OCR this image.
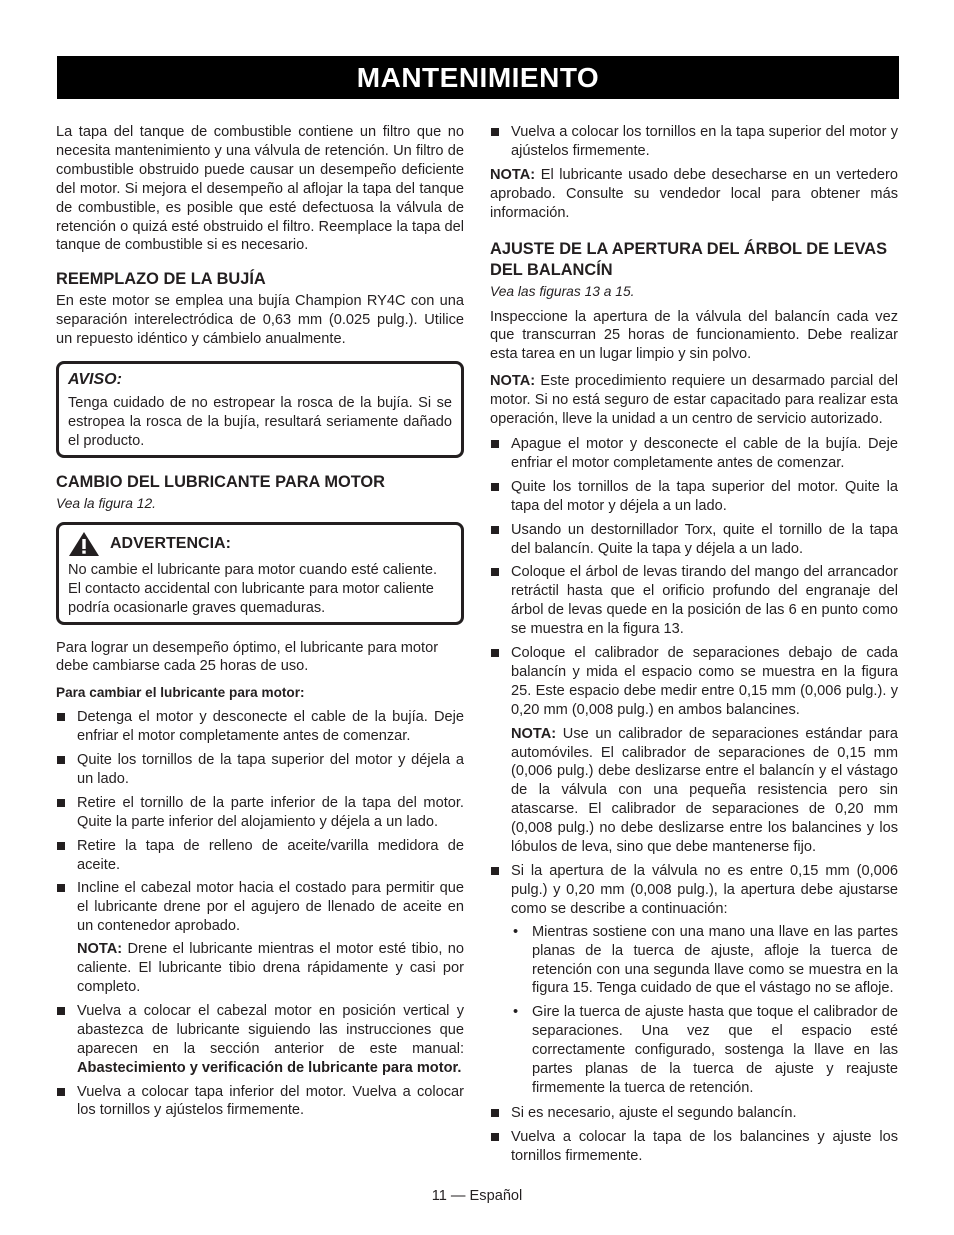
MANTENIMIENTO

La tapa del tanque de combustible contiene un filtro que no necesita mantenimiento y una válvula de retención. Un filtro de combustible obstruido puede causar un desempeño deficiente del motor. Si mejora el desempeño al aflojar la tapa del tanque de combustible, es posible que esté defectuosa la válvula de retención o quizá esté obstruido el filtro. Reemplace la tapa del tanque de combustible si es necesario.

REEMPLAZO DE LA BUJÍA

En este motor se emplea una bujía Champion RY4C con una separación interelectródica de 0,63 mm (0.025 pulg.). Utilice un repuesto idéntico y cámbielo anualmente.

AVISO:

Tenga cuidado de no estropear la rosca de la bujía. Si se estropea la rosca de la bujía, resultará seriamente dañado el producto.

CAMBIO DEL LUBRICANTE PARA MOTOR
Vea la figura 12.
ADVERTENCIA:

No cambie el lubricante para motor cuando esté caliente. El contacto accidental con lubricante para motor caliente podría ocasionarle graves quemaduras.

Para lograr un desempeño óptimo, el lubricante para motor debe cambiarse cada 25 horas de uso.

Para cambiar el lubricante para motor:
Detenga el motor y desconecte el cable de la bujía. Deje enfriar el motor completamente antes de comenzar.
Quite los tornillos de la tapa superior del motor y déjela a un lado.
Retire el tornillo de la parte inferior de la tapa del motor. Quite la parte inferior del alojamiento y déjela a un lado.
Retire la tapa de relleno de aceite/varilla medidora de aceite.
Incline el cabezal motor hacia el costado para permitir que el lubricante drene por el agujero de llenado de aceite en un contenedor aprobado.
NOTA: Drene el lubricante mientras el motor esté tibio, no caliente. El lubricante tibio drena rápidamente y casi por completo.
Vuelva a colocar el cabezal motor en posición vertical y abastezca de lubricante siguiendo las instrucciones que aparecen en la sección anterior de este manual: Abastecimiento y verificación de lubricante para motor.
Vuelva a colocar tapa inferior del motor. Vuelva a colocar los tornillos y ajústelos firmemente.
Vuelva a colocar los tornillos en la tapa superior del motor y ajústelos firmemente.

NOTA: El lubricante usado debe desecharse en un vertedero aprobado. Consulte su vendedor local para obtener más información.

AJUSTE DE LA APERTURA DEL ÁRBOL DE LEVAS DEL BALANCÍN
Vea las figuras 13 a 15.

Inspeccione la apertura de la válvula del balancín cada vez que transcurran 25 horas de funcionamiento. Debe realizar esta tarea en un lugar limpio y sin polvo.

NOTA: Este procedimiento requiere un desarmado parcial del motor. Si no está seguro de estar capacitado para realizar esta operación, lleve la unidad a un centro de servicio autorizado.

Apague el motor y desconecte el cable de la bujía. Deje enfriar el motor completamente antes de comenzar.
Quite los tornillos de la tapa superior del motor. Quite la tapa del motor y déjela a un lado.
Usando un destornillador Torx, quite el tornillo de la tapa del balancín. Quite la tapa y déjela a un lado.
Coloque el árbol de levas tirando del mango del arrancador retráctil hasta que el orificio profundo del engranaje del árbol de levas quede en la posición de las 6 en punto como se muestra en la figura 13.
Coloque el calibrador de separaciones debajo de cada balancín y mida el espacio como se muestra en la figura 25. Este espacio debe medir entre 0,15 mm (0,006 pulg.). y 0,20 mm (0,008 pulg.) en ambos balancines.
NOTA: Use un calibrador de separaciones estándar para automóviles. El calibrador de separaciones de 0,15 mm (0,006 pulg.) debe deslizarse entre el balancín y el vástago de la válvula con una pequeña resistencia pero sin atascarse. El calibrador de separaciones de 0,20 mm (0,008 pulg.) no debe deslizarse entre los balancines y los lóbulos de leva, sino que debe mantenerse fijo.
Si la apertura de la válvula no es entre 0,15 mm (0,006 pulg.) y 0,20 mm (0,008 pulg.), la apertura debe ajustarse como se describe a continuación:
• Mientras sostiene con una mano una llave en las partes planas de la tuerca de ajuste, afloje la tuerca de retención con una segunda llave como se muestra en la figura 15. Tenga cuidado de que el vástago no se afloje.
• Gire la tuerca de ajuste hasta que toque el calibrador de separaciones. Una vez que el espacio esté correctamente configurado, sostenga la llave en las partes planas de la tuerca de ajuste y reajuste firmemente la tuerca de retención.
Si es necesario, ajuste el segundo balancín.
Vuelva a colocar la tapa de los balancines y ajuste los tornillos firmemente.
11 — Español
